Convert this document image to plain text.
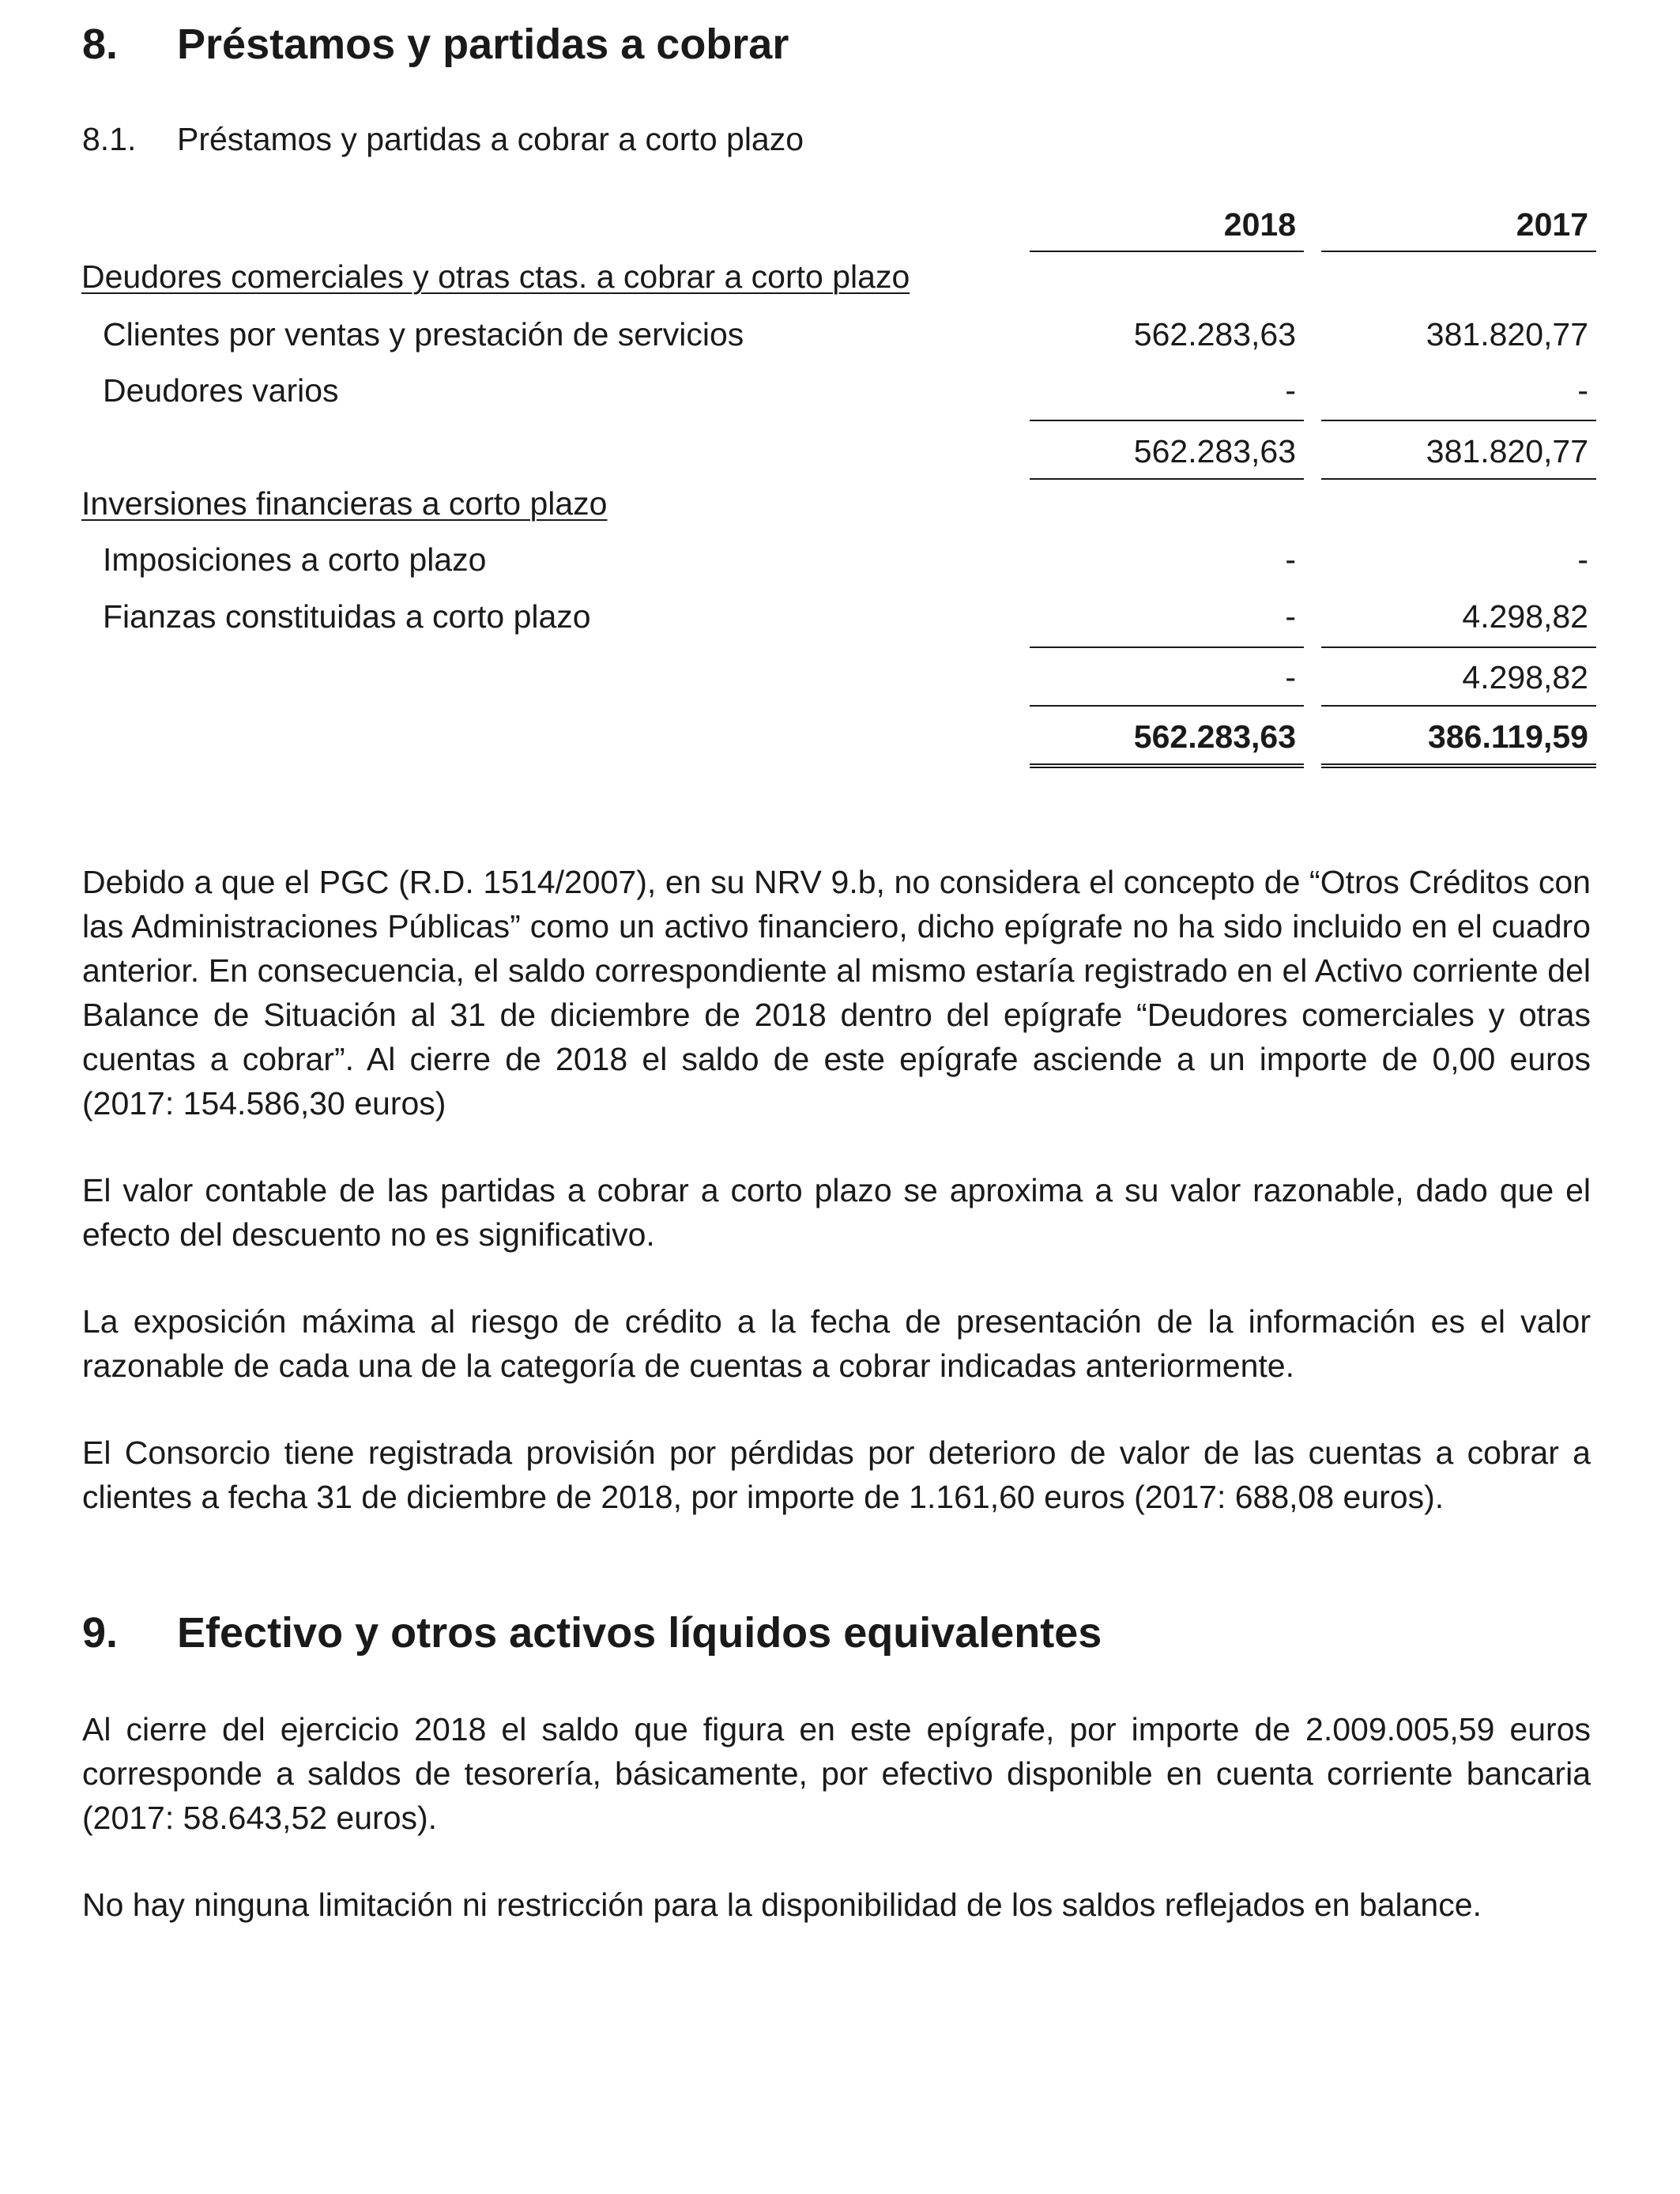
8. Préstamos y partidas a cobrar
8.1. Préstamos y partidas a cobrar a corto plazo
2018	2017
Deudores comerciales y otras ctas. a cobrar a corto plazo
Clientes por ventas y prestación de servicios	562.283,63	381.820,77
Deudores varios	-	-
562.283,63	381.820,77
Inversiones financieras a corto plazo
Imposiciones a corto plazo	-	-
Fianzas constituidas a corto plazo	-	4.298,82
-	4.298,82
562.283,63	386.119,59

Debido a que el PGC (R.D. 1514/2007), en su NRV 9.b, no considera el concepto de “Otros Créditos con las Administraciones Públicas” como un activo financiero, dicho epígrafe no ha sido incluido en el cuadro anterior. En consecuencia, el saldo correspondiente al mismo estaría registrado en el Activo corriente del Balance de Situación al 31 de diciembre de 2018 dentro del epígrafe “Deudores comerciales y otras cuentas a cobrar”. Al cierre de 2018 el saldo de este epígrafe asciende a un importe de 0,00 euros (2017: 154.586,30 euros)

El valor contable de las partidas a cobrar a corto plazo se aproxima a su valor razonable, dado que el efecto del descuento no es significativo.

La exposición máxima al riesgo de crédito a la fecha de presentación de la información es el valor razonable de cada una de la categoría de cuentas a cobrar indicadas anteriormente.

El Consorcio tiene registrada provisión por pérdidas por deterioro de valor de las cuentas a cobrar a clientes a fecha 31 de diciembre de 2018, por importe de 1.161,60 euros (2017: 688,08 euros).

9. Efectivo y otros activos líquidos equivalentes

Al cierre del ejercicio 2018 el saldo que figura en este epígrafe, por importe de 2.009.005,59 euros corresponde a saldos de tesorería, básicamente, por efectivo disponible en cuenta corriente bancaria (2017: 58.643,52 euros).

No hay ninguna limitación ni restricción para la disponibilidad de los saldos reflejados en balance.
